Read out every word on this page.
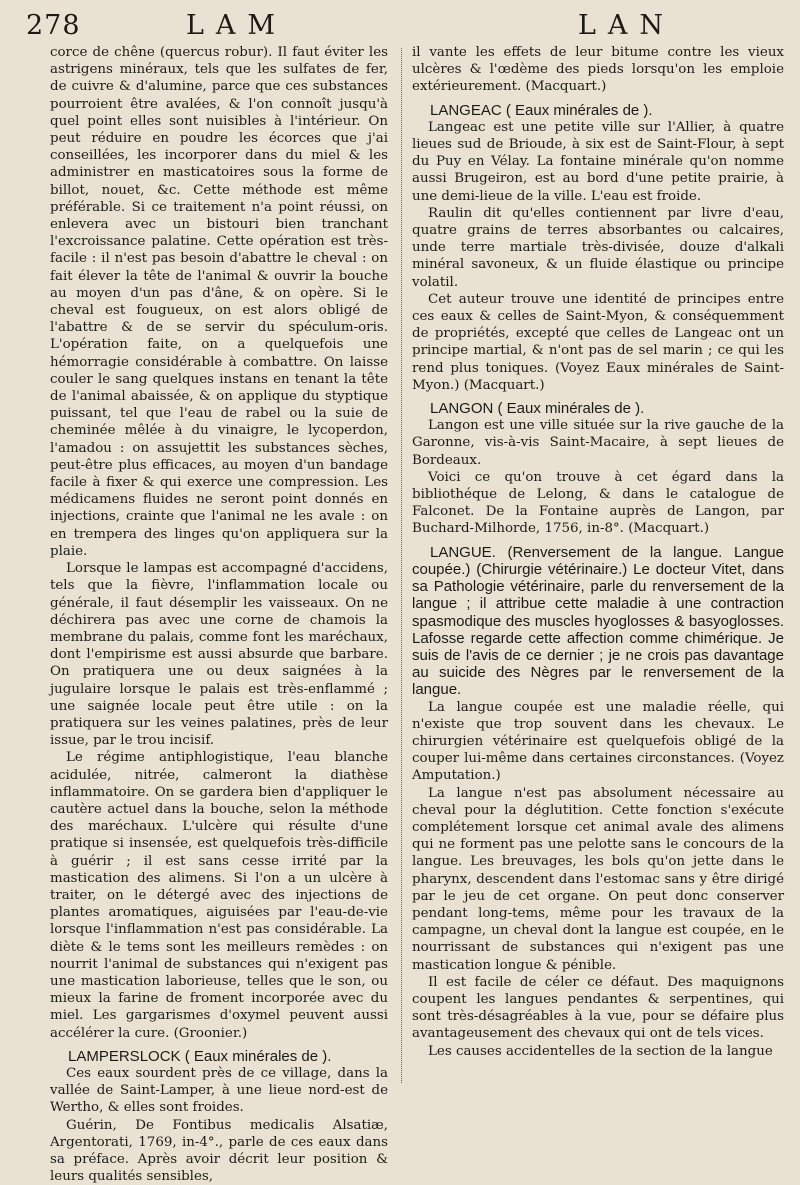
278	LAM	LAN

corce de chêne (quercus robur). Il faut éviter les astrigens minéraux, tels que les sulfates de fer, de cuivre & d'alumine, parce que ces substances pourroient être avalées, & l'on connoît jusqu'à quel point elles sont nuisibles à l'intérieur. On peut réduire en poudre les écorces que j'ai conseillées, les incorporer dans du miel & les administrer en masticatoires sous la forme de billot, nouet, &c. Cette méthode est même préférable. Si ce traitement n'a point réussi, on enlevera avec un bistouri bien tranchant l'excroissance palatine. Cette opération est très-facile : il n'est pas besoin d'abattre le cheval : on fait élever la tête de l'animal & ouvrir la bouche au moyen d'un pas d'âne, & on opère. Si le cheval est fougueux, on est alors obligé de l'abattre & de se servir du spéculum-oris. L'opération faite, on a quelquefois une hémorragie considérable à combattre. On laisse couler le sang quelques instans en tenant la tête de l'animal abaissée, & on applique du styptique puissant, tel que l'eau de rabel ou la suie de cheminée mêlée à du vinaigre, le lycoperdon, l'amadou : on assujettit les substances sèches, peut-être plus efficaces, au moyen d'un bandage facile à fixer & qui exerce une compression. Les médicamens fluides ne seront point donnés en injections, crainte que l'animal ne les avale : on en trempera des linges qu'on appliquera sur la plaie.

Lorsque le lampas est accompagné d'accidens, tels que la fièvre, l'inflammation locale ou générale, il faut désemplir les vaisseaux. On ne déchirera pas avec une corne de chamois la membrane du palais, comme font les maréchaux, dont l'empirisme est aussi absurde que barbare. On pratiquera une ou deux saignées à la jugulaire lorsque le palais est très-enflammé ; une saignée locale peut être utile : on la pratiquera sur les veines palatines, près de leur issue, par le trou incisif.

Le régime antiphlogistique, l'eau blanche acidulée, nitrée, calmeront la diathèse inflammatoire. On se gardera bien d'appliquer le cautère actuel dans la bouche, selon la méthode des maréchaux. L'ulcère qui résulte d'une pratique si insensée, est quelquefois très-difficile à guérir ; il est sans cesse irrité par la mastication des alimens. Si l'on a un ulcère à traiter, on le détergé avec des injections de plantes aromatiques, aiguisées par l'eau-de-vie lorsque l'inflammation n'est pas considérable. La diète & le tems sont les meilleurs remèdes : on nourrit l'animal de substances qui n'exigent pas une mastication laborieuse, telles que le son, ou mieux la farine de froment incorporée avec du miel. Les gargarismes d'oxymel peuvent aussi accélérer la cure. (Groonier.)

LAMPERSLOCK ( Eaux minérales de ).

Ces eaux sourdent près de ce village, dans la vallée de Saint-Lamper, à une lieue nord-est de Wertho, & elles sont froides.

Guérin, De Fontibus medicalis Alsatiæ, Argentorati, 1769, in-4°., parle de ces eaux dans sa préface. Après avoir décrit leur position & leurs qualités sensibles,

il vante les effets de leur bitume contre les vieux ulcères & l'œdème des pieds lorsqu'on les emploie extérieurement. (Macquart.)

LANGEAC ( Eaux minérales de ).

Langeac est une petite ville sur l'Allier, à quatre lieues sud de Brioude, à six est de Saint-Flour, à sept du Puy en Vélay. La fontaine minérale qu'on nomme aussi Brugeiron, est au bord d'une petite prairie, à une demi-lieue de la ville. L'eau est froide.

Raulin dit qu'elles contiennent par livre d'eau, quatre grains de terres absorbantes ou calcaires, unde terre martiale très-divisée, douze d'alkali minéral savoneux, & un fluide élastique ou principe volatil.

Cet auteur trouve une identité de principes entre ces eaux & celles de Saint-Myon, & conséquemment de propriétés, excepté que celles de Langeac ont un principe martial, & n'ont pas de sel marin ; ce qui les rend plus toniques. (Voyez Eaux minérales de Saint-Myon.) (Macquart.)

LANGON ( Eaux minérales de ).

Langon est une ville située sur la rive gauche de la Garonne, vis-à-vis Saint-Macaire, à sept lieues de Bordeaux.

Voici ce qu'on trouve à cet égard dans la bibliothéque de Lelong, & dans le catalogue de Falconet. De la Fontaine auprès de Langon, par Buchard-Milhorde, 1756, in-8°. (Macquart.)

LANGUE. (Renversement de la langue. Langue coupée.) (Chirurgie vétérinaire.) Le docteur Vitet, dans sa Pathologie vétérinaire, parle du renversement de la langue ; il attribue cette maladie à une contraction spasmodique des muscles hyoglosses & basyoglosses. Lafosse regarde cette affection comme chimérique. Je suis de l'avis de ce dernier ; je ne crois pas davantage au suicide des Nègres par le renversement de la langue.

La langue coupée est une maladie réelle, qui n'existe que trop souvent dans les chevaux. Le chirurgien vétérinaire est quelquefois obligé de la couper lui-même dans certaines circonstances. (Voyez Amputation.)

La langue n'est pas absolument nécessaire au cheval pour la déglutition. Cette fonction s'exécute complétement lorsque cet animal avale des alimens qui ne forment pas une pelotte sans le concours de la langue. Les breuvages, les bols qu'on jette dans le pharynx, descendent dans l'estomac sans y être dirigé par le jeu de cet organe. On peut donc conserver pendant long-tems, même pour les travaux de la campagne, un cheval dont la langue est coupée, en le nourrissant de substances qui n'exigent pas une mastication longue & pénible.

Il est facile de céler ce défaut. Des maquignons coupent les langues pendantes & serpentines, qui sont très-désagréables à la vue, pour se défaire plus avantageusement des chevaux qui ont de tels vices.

Les causes accidentelles de la section de la langue
